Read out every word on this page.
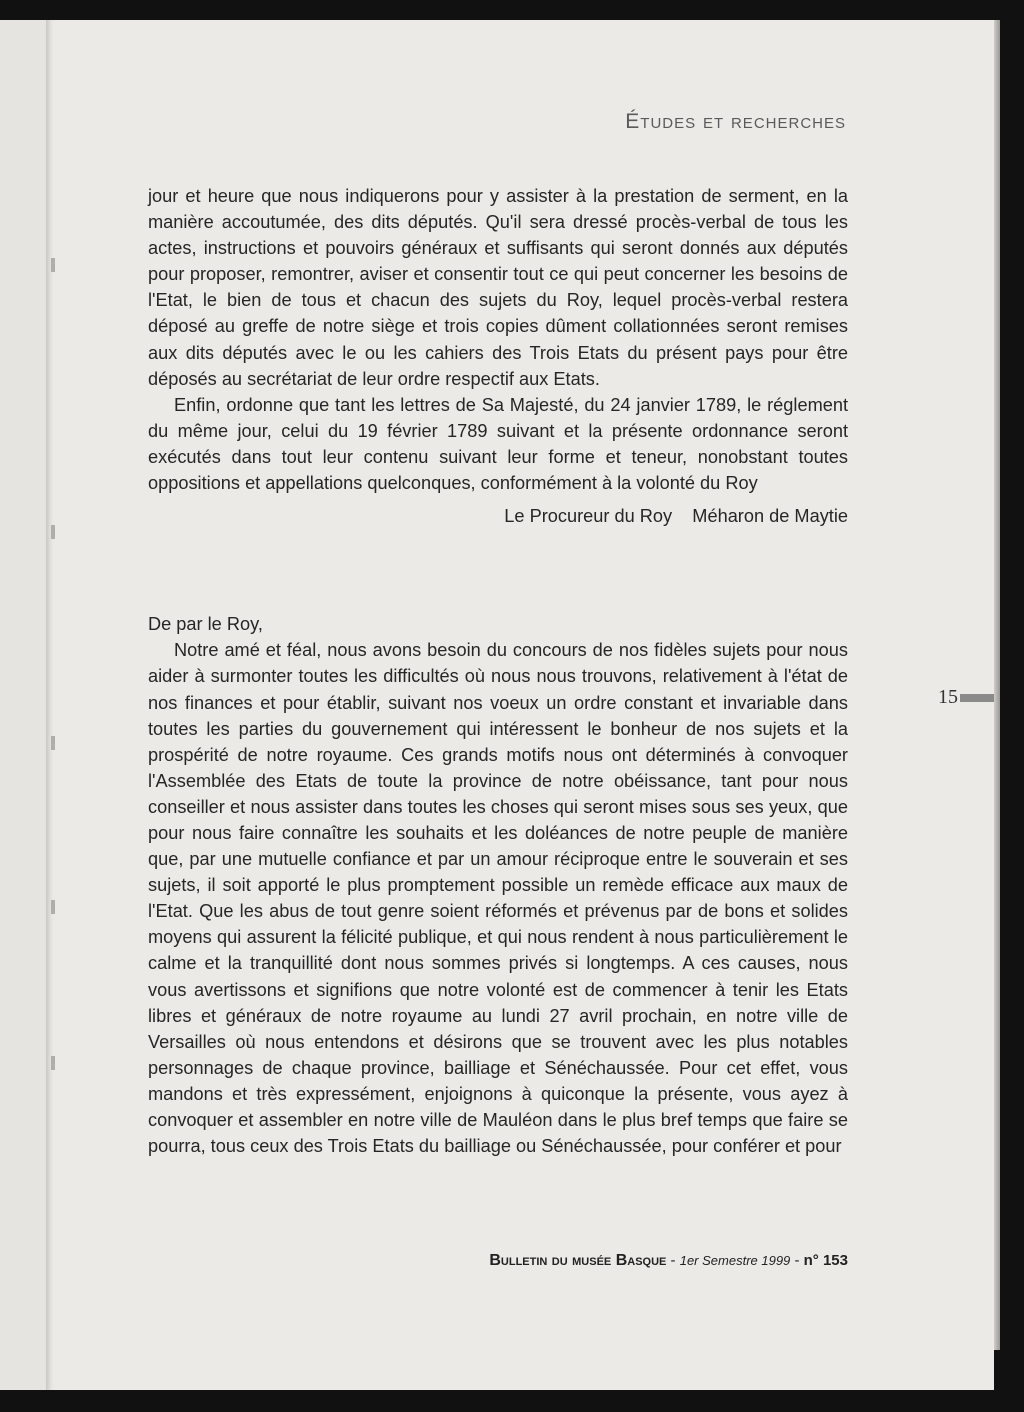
Études et recherches

jour et heure que nous indiquerons pour y assister à la prestation de serment, en la manière accoutumée, des dits députés. Qu'il sera dressé procès-verbal de tous les actes, instructions et pouvoirs généraux et suffisants qui seront donnés aux députés pour proposer, remontrer, aviser et consentir tout ce qui peut concerner les besoins de l'Etat, le bien de tous et chacun des sujets du Roy, lequel procès-verbal restera déposé au greffe de notre siège et trois copies dûment collationnées seront remises aux dits députés avec le ou les cahiers des Trois Etats du présent pays pour être déposés au secrétariat de leur ordre respectif aux Etats.

Enfin, ordonne que tant les lettres de Sa Majesté, du 24 janvier 1789, le réglement du même jour, celui du 19 février 1789 suivant et la présente ordonnance seront exécutés dans tout leur contenu suivant leur forme et teneur, nonobstant toutes oppositions et appellations quelconques, conformément à la volonté du Roy

Le Procureur du Roy    Méharon de Maytie

De par le Roy,

Notre amé et féal, nous avons besoin du concours de nos fidèles sujets pour nous aider à surmonter toutes les difficultés où nous nous trouvons, relativement à l'état de nos finances et pour établir, suivant nos voeux un ordre constant et invariable dans toutes les parties du gouvernement qui intéressent le bonheur de nos sujets et la prospérité de notre royaume. Ces grands motifs nous ont déterminés à convoquer l'Assemblée des Etats de toute la province de notre obéissance, tant pour nous conseiller et nous assister dans toutes les choses qui seront mises sous ses yeux, que pour nous faire connaître les souhaits et les doléances de notre peuple de manière que, par une mutuelle confiance et par un amour réciproque entre le souverain et ses sujets, il soit apporté le plus promptement possible un remède efficace aux maux de l'Etat. Que les abus de tout genre soient réformés et prévenus par de bons et solides moyens qui assurent la félicité publique, et qui nous rendent à nous particulièrement le calme et la tranquillité dont nous sommes privés si longtemps. A ces causes, nous vous avertissons et signifions que notre volonté est de commencer à tenir les Etats libres et généraux de notre royaume au lundi 27 avril prochain, en notre ville de Versailles où nous entendons et désirons que se trouvent avec les plus notables personnages de chaque province, bailliage et Sénéchaussée. Pour cet effet, vous mandons et très expressément, enjoignons à quiconque la présente, vous ayez à convoquer et assembler en notre ville de Mauléon dans le plus bref temps que faire se pourra, tous ceux des Trois Etats du bailliage ou Sénéchaussée, pour conférer et pour

15
Bulletin du musée Basque - 1er Semestre 1999 - n° 153
